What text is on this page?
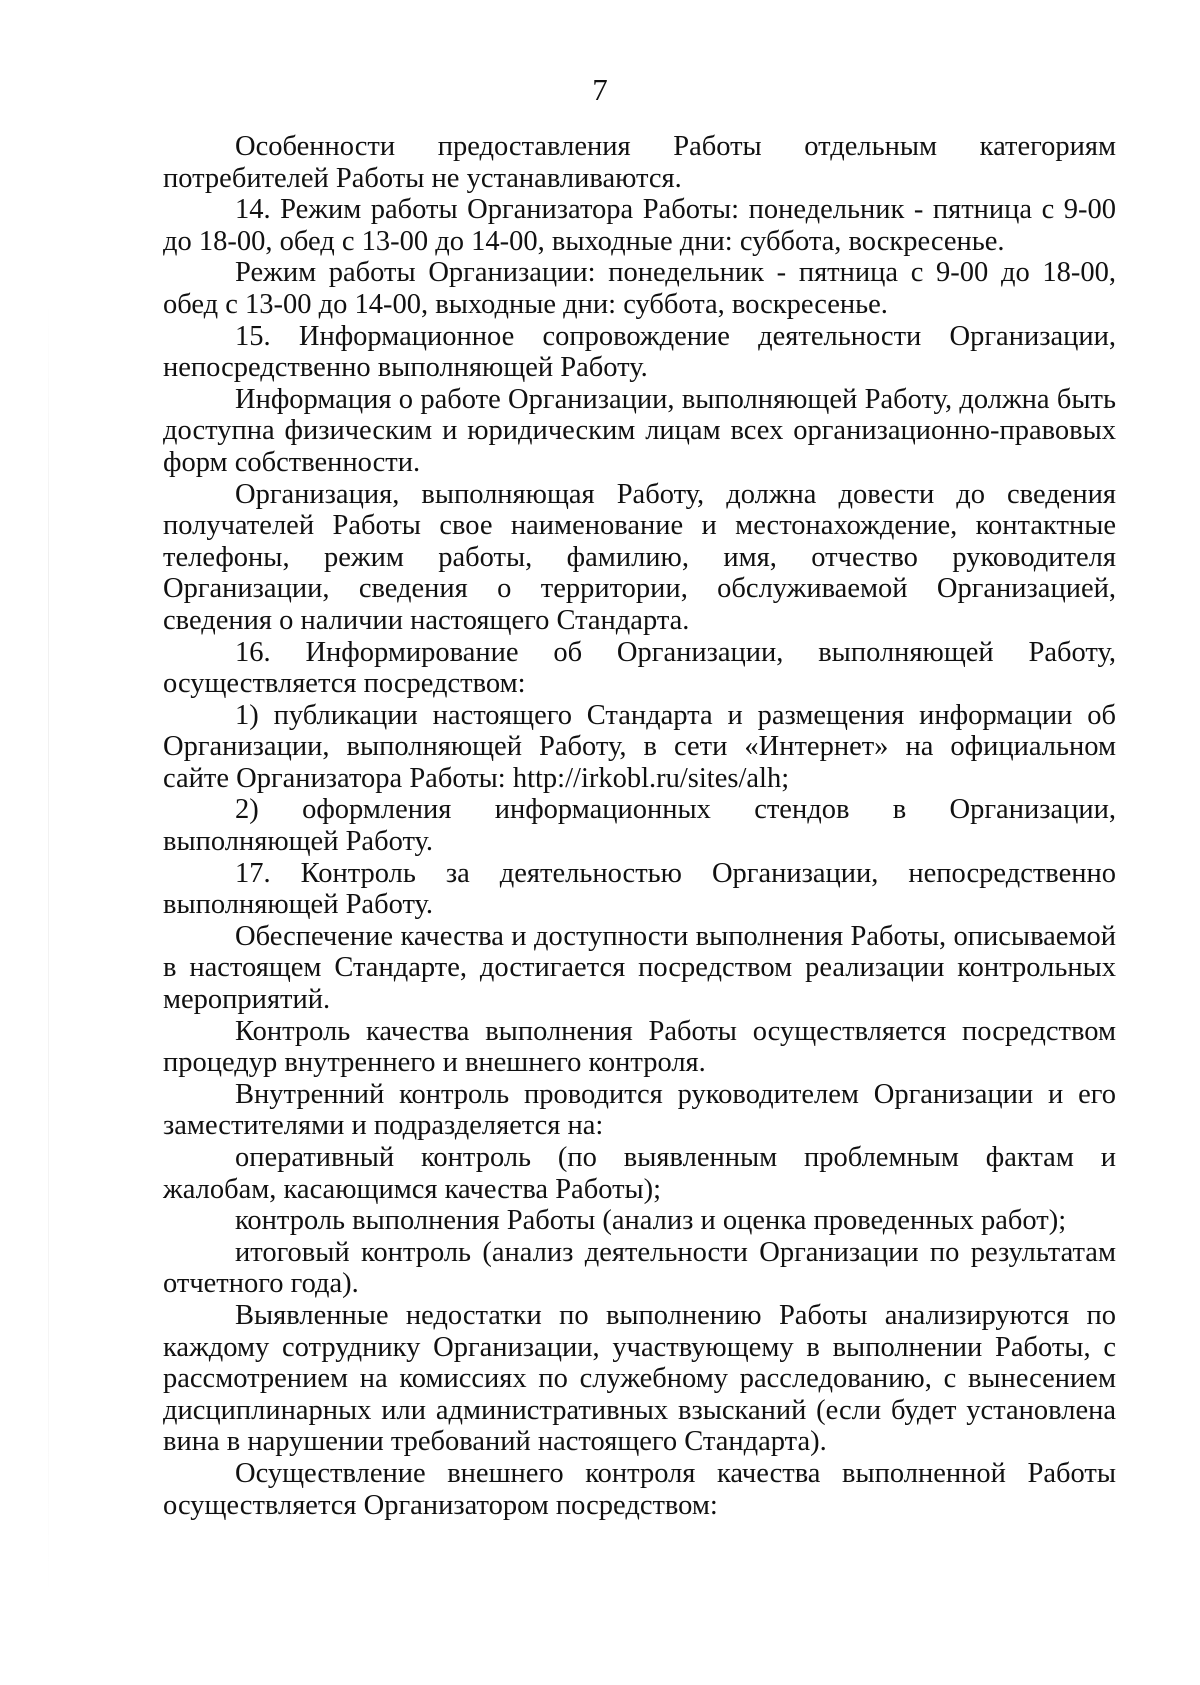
7

Особенности предоставления Работы отдельным категориям потребителей Работы не устанавливаются.

14. Режим работы Организатора Работы: понедельник - пятница с 9-00 до 18-00, обед с 13-00 до 14-00, выходные дни: суббота, воскресенье.

Режим работы Организации: понедельник - пятница с 9-00 до 18-00, обед с 13-00 до 14-00, выходные дни: суббота, воскресенье.

15. Информационное сопровождение деятельности Организации, непосредственно выполняющей Работу.

Информация о работе Организации, выполняющей Работу, должна быть доступна физическим и юридическим лицам всех организационно-правовых форм собственности.

Организация, выполняющая Работу, должна довести до сведения получателей Работы свое наименование и местонахождение, контактные телефоны, режим работы, фамилию, имя, отчество руководителя Организации, сведения о территории, обслуживаемой Организацией, сведения о наличии настоящего Стандарта.

16. Информирование об Организации, выполняющей Работу, осуществляется посредством:

1) публикации настоящего Стандарта и размещения информации об Организации, выполняющей Работу, в сети «Интернет» на официальном сайте Организатора Работы: http://irkobl.ru/sites/alh;

2) оформления информационных стендов в Организации, выполняющей Работу.

17. Контроль за деятельностью Организации, непосредственно выполняющей Работу.

Обеспечение качества и доступности выполнения Работы, описываемой в настоящем Стандарте, достигается посредством реализации контрольных мероприятий.

Контроль качества выполнения Работы осуществляется посредством процедур внутреннего и внешнего контроля.

Внутренний контроль проводится руководителем Организации и его заместителями и подразделяется на:

оперативный контроль (по выявленным проблемным фактам и жалобам, касающимся качества Работы);

контроль выполнения Работы (анализ и оценка проведенных работ);

итоговый контроль (анализ деятельности Организации по результатам отчетного года).

Выявленные недостатки по выполнению Работы анализируются по каждому сотруднику Организации, участвующему в выполнении Работы, с рассмотрением на комиссиях по служебному расследованию, с вынесением дисциплинарных или административных взысканий (если будет установлена вина в нарушении требований настоящего Стандарта).

Осуществление внешнего контроля качества выполненной Работы осуществляется Организатором посредством:
